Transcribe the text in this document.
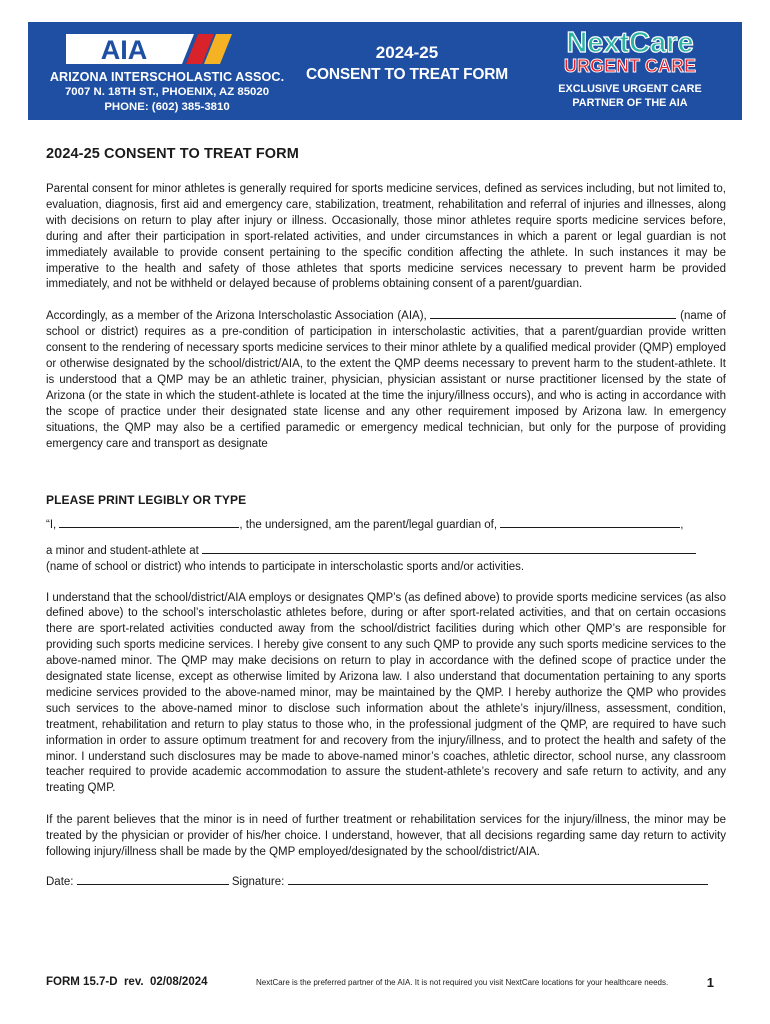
AIA
ARIZONA INTERSCHOLASTIC ASSOC.
7007 N. 18TH ST., PHOENIX, AZ 85020
PHONE: (602) 385-3810
2024-25
CONSENT TO TREAT FORM
NextCare
URGENT CARE
EXCLUSIVE URGENT CARE
PARTNER OF THE AIA
2024-25 CONSENT TO TREAT FORM

Parental consent for minor athletes is generally required for sports medicine services, defined as services including, but not limited to, evaluation, diagnosis, first aid and emergency care, stabilization, treatment, rehabilitation and referral of injuries and illnesses, along with decisions on return to play after injury or illness. Occasionally, those minor athletes require sports medicine services before, during and after their participation in sport-related activities, and under circumstances in which a parent or legal guardian is not immediately available to provide consent pertaining to the specific condition affecting the athlete. In such instances it may be imperative to the health and safety of those athletes that sports medicine services necessary to prevent harm be provided immediately, and not be withheld or delayed because of problems obtaining consent of a parent/guardian.

Accordingly, as a member of the Arizona Interscholastic Association (AIA),	(name of school or district) requires as a pre-condition of participation in interscholastic activities, that a parent/guardian provide written consent to the rendering of necessary sports medicine services to their minor athlete by a qualified medical provider (QMP) employed or otherwise designated by the school/district/AIA, to the extent the QMP deems necessary to prevent harm to the student-athlete. It is understood that a QMP may be an athletic trainer, physician, physician assistant or nurse practitioner licensed by the state of Arizona (or the state in which the student-athlete is located at the time the injury/illness occurs), and who is acting in accordance with the scope of practice under their designated state license and any other requirement imposed by Arizona law. In emergency situations, the QMP may also be a certified paramedic or emergency medical technician, but only for the purpose of providing emergency care and transport as designate

PLEASE PRINT LEGIBLY OR TYPE
“I,	, the undersigned, am the parent/legal guardian of,	,
a minor and student-athlete at
(name of school or district) who intends to participate in interscholastic sports and/or activities.

I understand that the school/district/AIA employs or designates QMP’s (as defined above) to provide sports medicine services (as also defined above) to the school’s interscholastic athletes before, during or after sport-related activities, and that on certain occasions there are sport-related activities conducted away from the school/district facilities during which other QMP’s are responsible for providing such sports medicine services. I hereby give consent to any such QMP to provide any such sports medicine services to the above-named minor. The QMP may make decisions on return to play in accordance with the defined scope of practice under the designated state license, except as otherwise limited by Arizona law. I also understand that documentation pertaining to any sports medicine services provided to the above-named minor, may be maintained by the QMP. I hereby authorize the QMP who provides such services to the above-named minor to disclose such information about the athlete’s injury/illness, assessment, condition, treatment, rehabilitation and return to play status to those who, in the professional judgment of the QMP, are required to have such information in order to assure optimum treatment for and recovery from the injury/illness, and to protect the health and safety of the minor. I understand such disclosures may be made to above-named minor’s coaches, athletic director, school nurse, any classroom teacher required to provide academic accommodation to assure the student-athlete’s recovery and safe return to activity, and any treating QMP.

If the parent believes that the minor is in need of further treatment or rehabilitation services for the injury/illness, the minor may be treated by the physician or provider of his/her choice. I understand, however, that all decisions regarding same day return to activity following injury/illness shall be made by the QMP employed/designated by the school/district/AIA.

Date:	Signature:
FORM 15.7-D  rev.  02/08/2024	NextCare is the preferred partner of the AIA. It is not required you visit NextCare locations for your healthcare needs.	1
